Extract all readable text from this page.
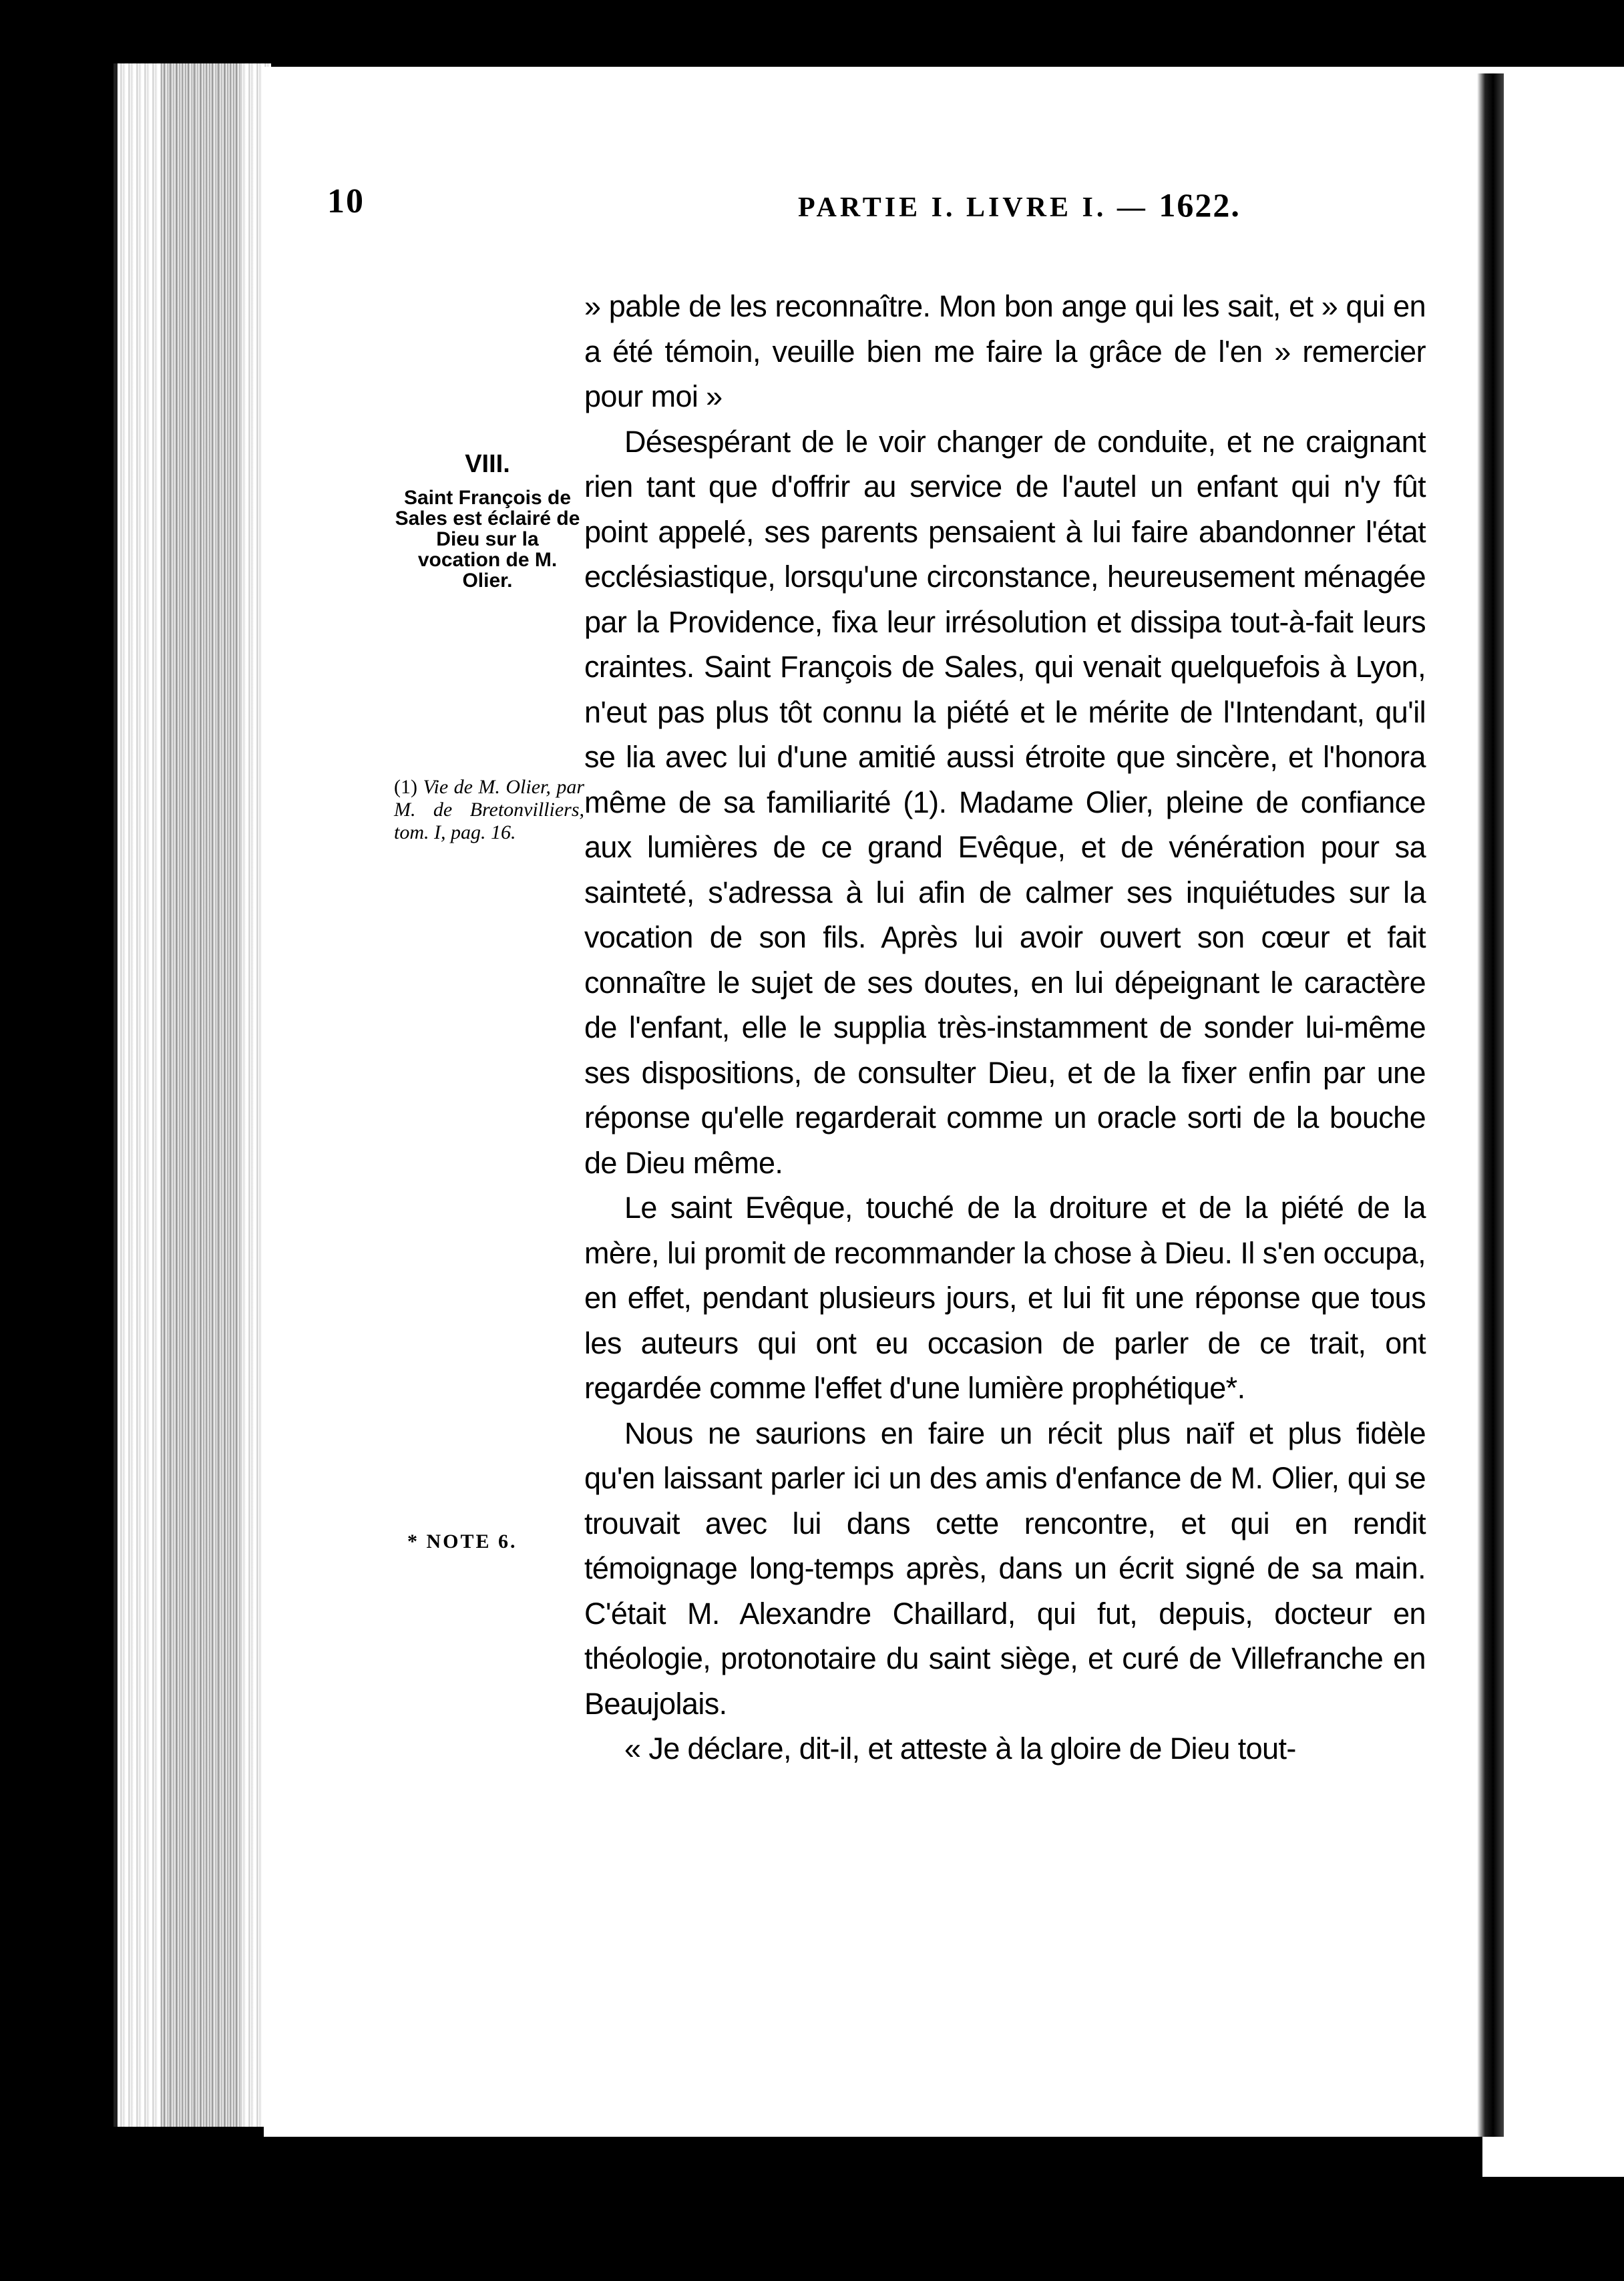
10	PARTIE I. LIVRE I. — 1622.
VIII.
Saint François de Sales est éclairé de Dieu sur la vocation de M. Olier.
(1) Vie de M. Olier, par M. de Bretonvilliers, tom. I, pag. 16.
* NOTE 6.

» pable de les reconnaître. Mon bon ange qui les sait, et » qui en a été témoin, veuille bien me faire la grâce de l'en » remercier pour moi »

Désespérant de le voir changer de conduite, et ne craignant rien tant que d'offrir au service de l'autel un enfant qui n'y fût point appelé, ses parents pensaient à lui faire abandonner l'état ecclésiastique, lorsqu'une circonstance, heureusement ménagée par la Providence, fixa leur irrésolution et dissipa tout-à-fait leurs craintes. Saint François de Sales, qui venait quelquefois à Lyon, n'eut pas plus tôt connu la piété et le mérite de l'Intendant, qu'il se lia avec lui d'une amitié aussi étroite que sincère, et l'honora même de sa familiarité (1). Madame Olier, pleine de confiance aux lumières de ce grand Evêque, et de vénération pour sa sainteté, s'adressa à lui afin de calmer ses inquiétudes sur la vocation de son fils. Après lui avoir ouvert son cœur et fait connaître le sujet de ses doutes, en lui dépeignant le caractère de l'enfant, elle le supplia très-instamment de sonder lui-même ses dispositions, de consulter Dieu, et de la fixer enfin par une réponse qu'elle regarderait comme un oracle sorti de la bouche de Dieu même.

Le saint Evêque, touché de la droiture et de la piété de la mère, lui promit de recommander la chose à Dieu. Il s'en occupa, en effet, pendant plusieurs jours, et lui fit une réponse que tous les auteurs qui ont eu occasion de parler de ce trait, ont regardée comme l'effet d'une lumière prophétique*.

Nous ne saurions en faire un récit plus naïf et plus fidèle qu'en laissant parler ici un des amis d'enfance de M. Olier, qui se trouvait avec lui dans cette rencontre, et qui en rendit témoignage long-temps après, dans un écrit signé de sa main. C'était M. Alexandre Chaillard, qui fut, depuis, docteur en théologie, protonotaire du saint siège, et curé de Villefranche en Beaujolais.

« Je déclare, dit-il, et atteste à la gloire de Dieu tout-
